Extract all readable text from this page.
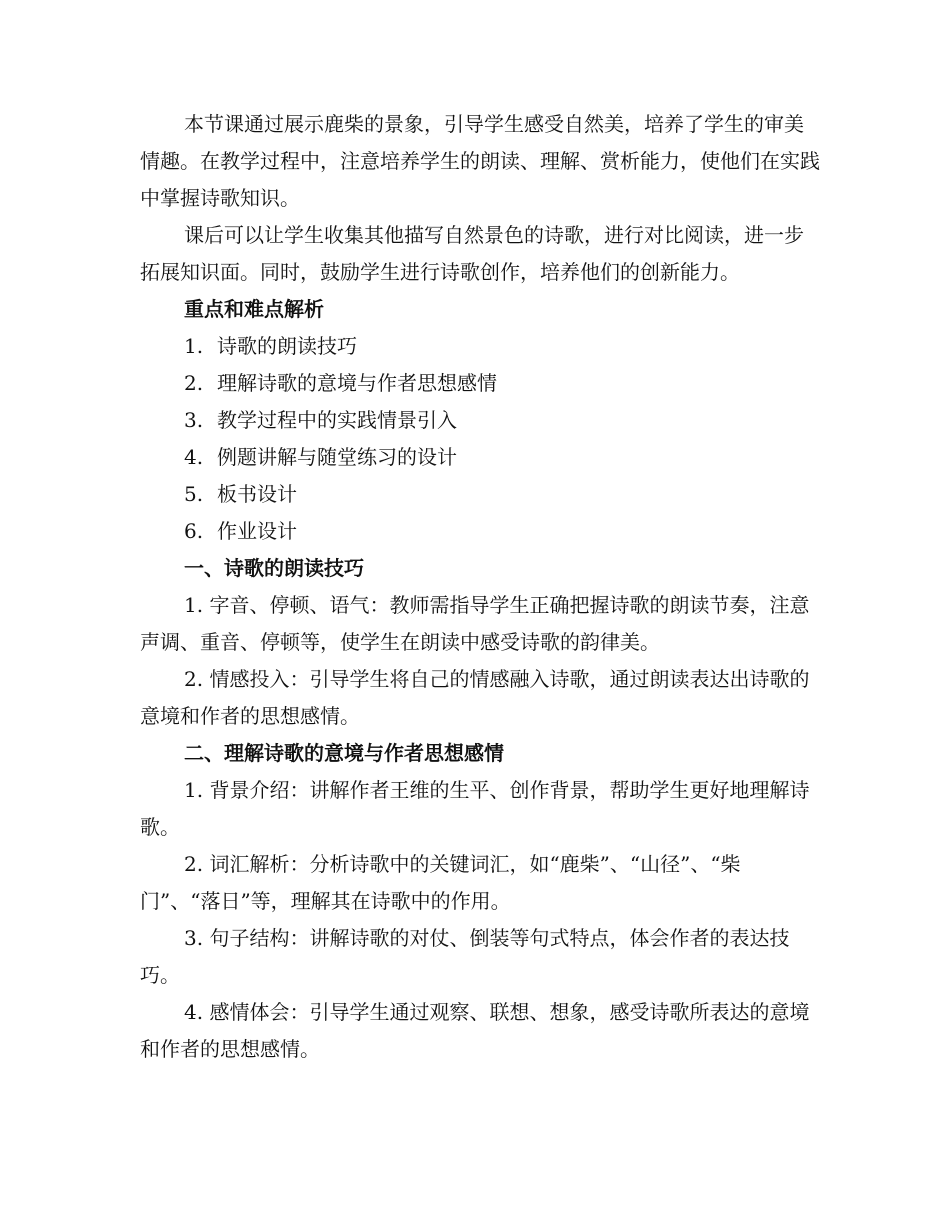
本节课通过展示鹿柴的景象，引导学生感受自然美，培养了学生的审美情趣。在教学过程中，注意培养学生的朗读、理解、赏析能力，使他们在实践中掌握诗歌知识。

课后可以让学生收集其他描写自然景色的诗歌，进行对比阅读，进一步拓展知识面。同时，鼓励学生进行诗歌创作，培养他们的创新能力。

重点和难点解析

1. 诗歌的朗读技巧

2. 理解诗歌的意境与作者思想感情

3. 教学过程中的实践情景引入

4. 例题讲解与随堂练习的设计

5. 板书设计

6. 作业设计

一、诗歌的朗读技巧

1. 字音、停顿、语气：教师需指导学生正确把握诗歌的朗读节奏，注意声调、重音、停顿等，使学生在朗读中感受诗歌的韵律美。

2. 情感投入：引导学生将自己的情感融入诗歌，通过朗读表达出诗歌的意境和作者的思想感情。

二、理解诗歌的意境与作者思想感情

1. 背景介绍：讲解作者王维的生平、创作背景，帮助学生更好地理解诗歌。

2. 词汇解析：分析诗歌中的关键词汇，如“鹿柴”、“山径”、“柴门”、“落日”等，理解其在诗歌中的作用。

3. 句子结构：讲解诗歌的对仗、倒装等句式特点，体会作者的表达技巧。

4. 感情体会：引导学生通过观察、联想、想象，感受诗歌所表达的意境和作者的思想感情。
